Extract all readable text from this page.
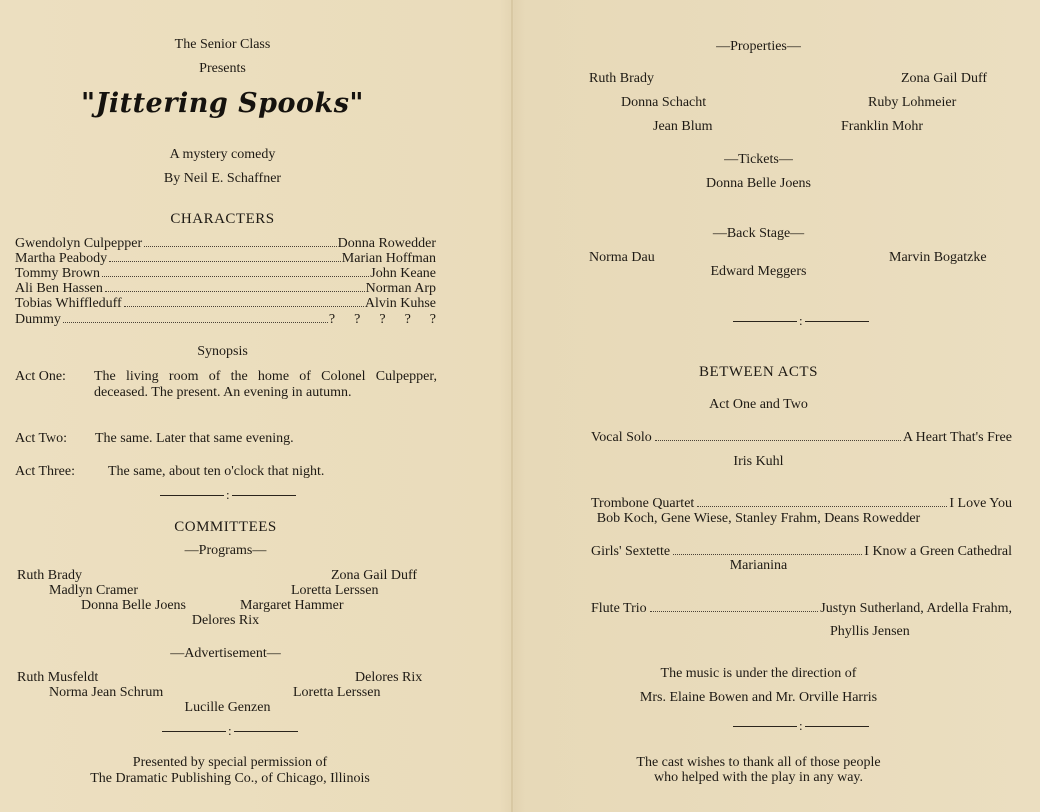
The Senior Class
Presents
"Jittering Spooks"
A mystery comedy
By Neil E. Schaffner
CHARACTERS
Gwendolyn Culpepper	Donna Rowedder
Martha Peabody	Marian Hoffman
Tommy Brown	John Keane
Ali Ben Hassen	Norman Arp
Tobias Whiffleduff	Alvin Kuhse
Dummy	?  ?  ?  ?  ?
Synopsis
Act One:	The living room of the home of Colonel Culpepper, deceased. The present. An evening in autumn.
Act Two:	The same. Later that same evening.
Act Three:	The same, about ten o'clock that night.
:
COMMITTEES
—Programs—
Ruth Brady	Zona Gail Duff
Madlyn Cramer	Loretta Lerssen
Donna Belle Joens	Margaret Hammer
Delores Rix
—Advertisement—
Ruth Musfeldt	Delores Rix
Norma Jean Schrum	Loretta Lerssen
Lucille Genzen
:
Presented by special permission of
The Dramatic Publishing Co., of Chicago, Illinois
—Properties—
Ruth Brady	Zona Gail Duff
Donna Schacht	Ruby Lohmeier
Jean Blum	Franklin Mohr
—Tickets—
Donna Belle Joens
—Back Stage—
Norma Dau	Marvin Bogatzke
Edward Meggers
:
BETWEEN ACTS
Act One and Two
Vocal Solo	A Heart That's Free
Iris Kuhl
Trombone Quartet	I Love You
Bob Koch, Gene Wiese, Stanley Frahm, Deans Rowedder
Girls' Sextette	I Know a Green Cathedral
Marianina
Flute Trio	Justyn Sutherland, Ardella Frahm,
Phyllis Jensen
The music is under the direction of
Mrs. Elaine Bowen and Mr. Orville Harris
:
The cast wishes to thank all of those people
who helped with the play in any way.
